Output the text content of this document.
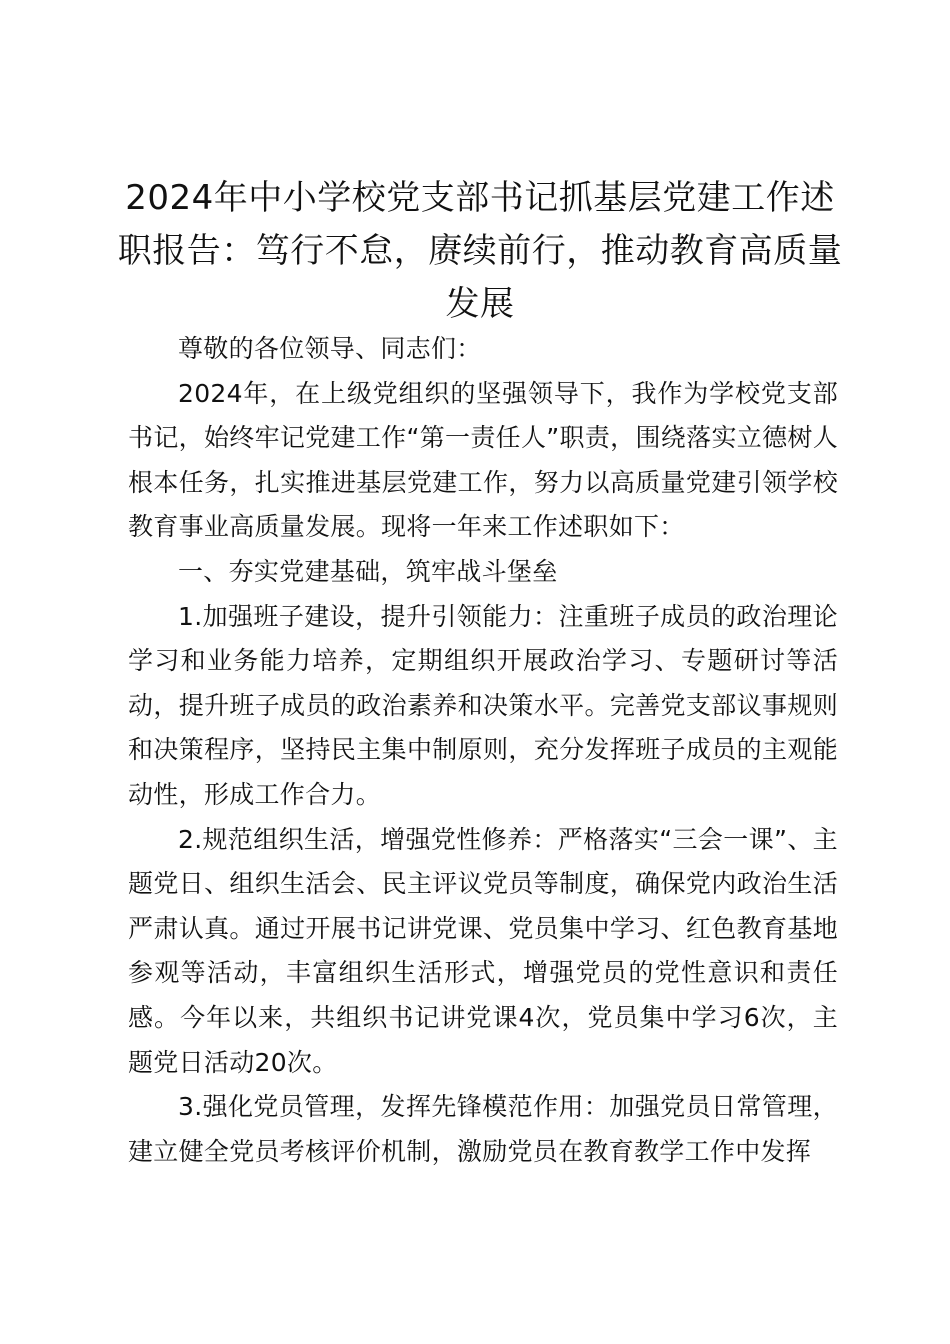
2024年中小学校党支部书记抓基层党建工作述职报告：笃行不怠，赓续前行，推动教育高质量发展

尊敬的各位领导、同志们：

2024年，在上级党组织的坚强领导下，我作为学校党支部书记，始终牢记党建工作“第一责任人”职责，围绕落实立德树人根本任务，扎实推进基层党建工作，努力以高质量党建引领学校教育事业高质量发展。现将一年来工作述职如下：

一、夯实党建基础，筑牢战斗堡垒

1.加强班子建设，提升引领能力：注重班子成员的政治理论学习和业务能力培养，定期组织开展政治学习、专题研讨等活动，提升班子成员的政治素养和决策水平。完善党支部议事规则和决策程序，坚持民主集中制原则，充分发挥班子成员的主观能动性，形成工作合力。

2.规范组织生活，增强党性修养：严格落实“三会一课”、主题党日、组织生活会、民主评议党员等制度，确保党内政治生活严肃认真。通过开展书记讲党课、党员集中学习、红色教育基地参观等活动，丰富组织生活形式，增强党员的党性意识和责任感。今年以来，共组织书记讲党课4次，党员集中学习6次，主题党日活动20次。

3.强化党员管理，发挥先锋模范作用：加强党员日常管理，建立健全党员考核评价机制，激励党员在教育教学工作中发挥
